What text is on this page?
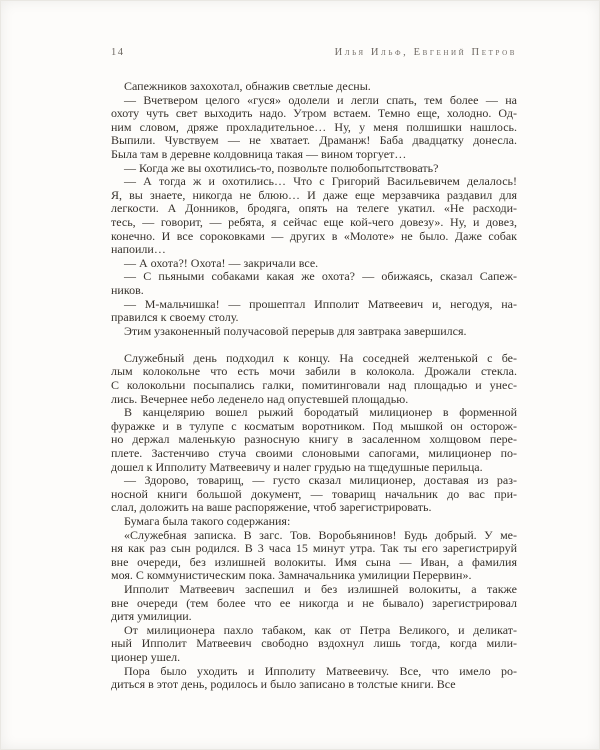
14	Илья Ильф, Евгений Петров
Сапежников захохотал, обнажив светлые десны.
— Вчетвером целого «гуся» одолели и легли спать, тем более — на
охоту чуть свет выходить надо. Утром встаем. Темно еще, холодно. Од-
ним словом, дряже прохладительное… Ну, у меня полшишки нашлось.
Выпили. Чувствуем — не хватает. Драманж! Баба двадцатку донесла.
Была там в деревне колдовница такая — вином торгует…
— Когда же вы охотились-то, позвольте полюбопытствовать?
— А тогда ж и охотились… Что с Григорий Васильевичем делалось!
Я, вы знаете, никогда не блюю… И даже еще мерзавчика раздавил для
легкости. А Донников, бродяга, опять на телеге укатил. «Не расходи-
тесь, — говорит, — ребята, я сейчас еще кой-чего довезу». Ну, и довез,
конечно. И все сороковками — других в «Молоте» не было. Даже собак
напоили…
— А охота?! Охота! — закричали все.
— С пьяными собаками какая же охота? — обижаясь, сказал Сапеж-
ников.
— М-мальчишка! — прошептал Ипполит Матвеевич и, негодуя, на-
правился к своему столу.
Этим узаконенный получасовой перерыв для завтрака завершился.
Служебный день подходил к концу. На соседней желтенькой с бе-
лым колокольне что есть мочи забили в колокола. Дрожали стекла.
С колокольни посыпались галки, помитинговали над площадью и унес-
лись. Вечернее небо леденело над опустевшей площадью.
В канцелярию вошел рыжий бородатый милиционер в форменной
фуражке и в тулупе с косматым воротником. Под мышкой он осторож-
но держал маленькую разносную книгу в засаленном холщовом пере-
плете. Застенчиво стуча своими слоновыми сапогами, милиционер по-
дошел к Ипполиту Матвеевичу и налег грудью на тщедушные перильца.
— Здорово, товарищ, — густо сказал милиционер, доставая из раз-
носной книги большой документ, — товарищ начальник до вас при-
слал, доложить на ваше распоряжение, чтоб зарегистрировать.
Бумага была такого содержания:
«Служебная записка. В загс. Тов. Воробьянинов! Будь добрый. У ме-
ня как раз сын родился. В 3 часа 15 минут утра. Так ты его зарегистрируй
вне очереди, без излишней волокиты. Имя сына — Иван, а фамилия
моя. С коммунистическим пока. Замначальника умилиции Перервин».
Ипполит Матвеевич заспешил и без излишней волокиты, а также
вне очереди (тем более что ее никогда и не бывало) зарегистрировал
дитя умилиции.
От милиционера пахло табаком, как от Петра Великого, и деликат-
ный Ипполит Матвеевич свободно вздохнул лишь тогда, когда мили-
ционер ушел.
Пора было уходить и Ипполиту Матвеевичу. Все, что имело ро-
диться в этот день, родилось и было записано в толстые книги. Все
